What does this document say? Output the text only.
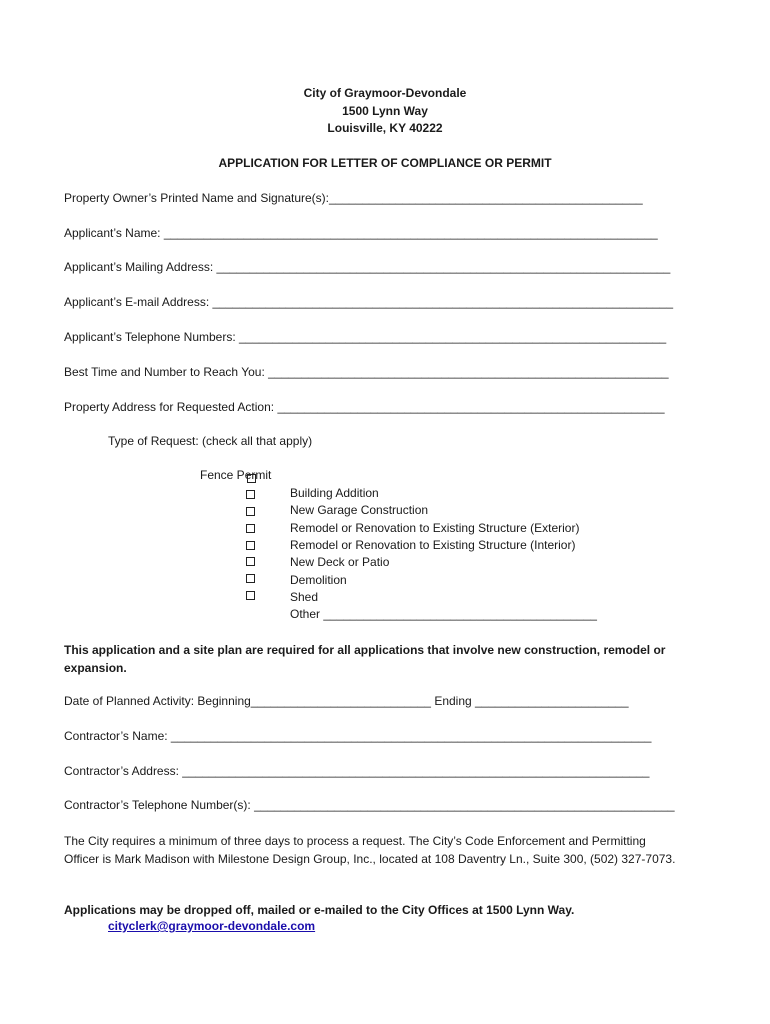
City of Graymoor-Devondale
1500 Lynn Way
Louisville, KY 40222
APPLICATION FOR LETTER OF COMPLIANCE OR PERMIT
Property Owner’s Printed Name and Signature(s):_______________________________________________
Applicant’s Name: __________________________________________________________________________
Applicant’s Mailing Address: ____________________________________________________________________
Applicant’s E-mail Address: _____________________________________________________________________
Applicant’s Telephone Numbers: ________________________________________________________________
Best Time and Number to Reach You: ____________________________________________________________
Property Address for Requested Action: __________________________________________________________
Type of Request: (check all that apply)
Fence Permit
Building Addition
New Garage Construction
Remodel or Renovation to Existing Structure (Exterior)
Remodel or Renovation to Existing Structure (Interior)
New Deck or Patio
Demolition
Shed
Other _________________________________________
This application and a site plan are required for all applications that involve new construction, remodel or expansion.
Date of Planned Activity: Beginning___________________________ Ending _______________________
Contractor’s Name: ________________________________________________________________________
Contractor’s Address: ______________________________________________________________________
Contractor’s Telephone Number(s): _______________________________________________________________
The City requires a minimum of three days to process a request. The City’s Code Enforcement and Permitting Officer is Mark Madison with Milestone Design Group, Inc., located at 108 Daventry Ln., Suite 300, (502) 327-7073.
Applications may be dropped off, mailed or e-mailed to the City Offices at 1500 Lynn Way.
cityclerk@graymoor-devondale.com
